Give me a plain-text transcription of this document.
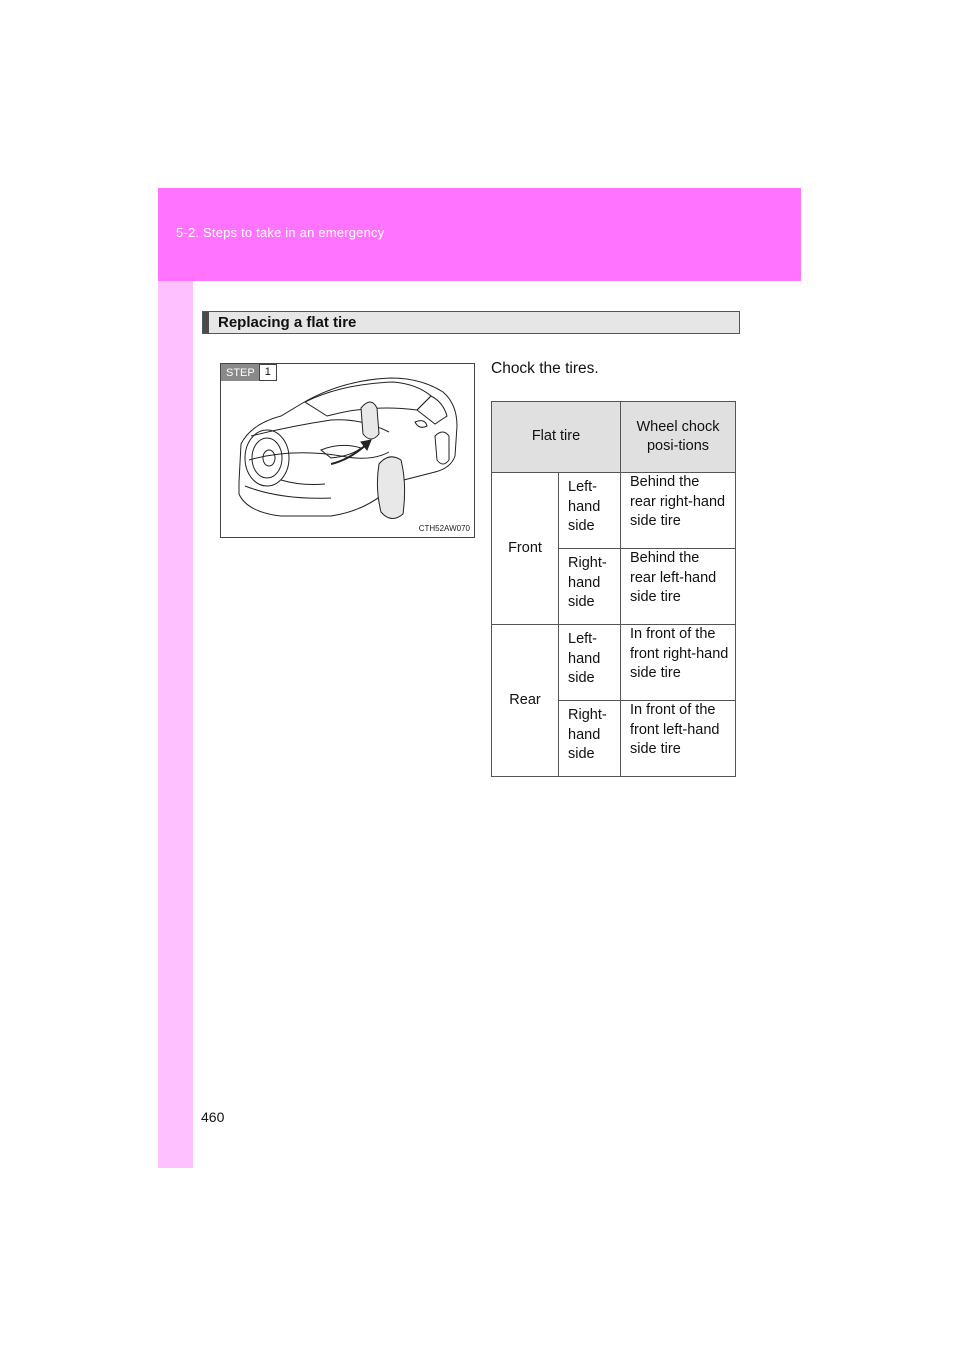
5-2. Steps to take in an emergency
Replacing a flat tire
STEP 1
CTH52AW070
Chock the tires.
Flat tire		Wheel chock posi-tions
Front	Left-hand side	Behind the rear right-hand side tire
	Right-hand side	Behind the rear left-hand side tire
Rear	Left-hand side	In front of the front right-hand side tire
	Right-hand side	In front of the front left-hand side tire
460
